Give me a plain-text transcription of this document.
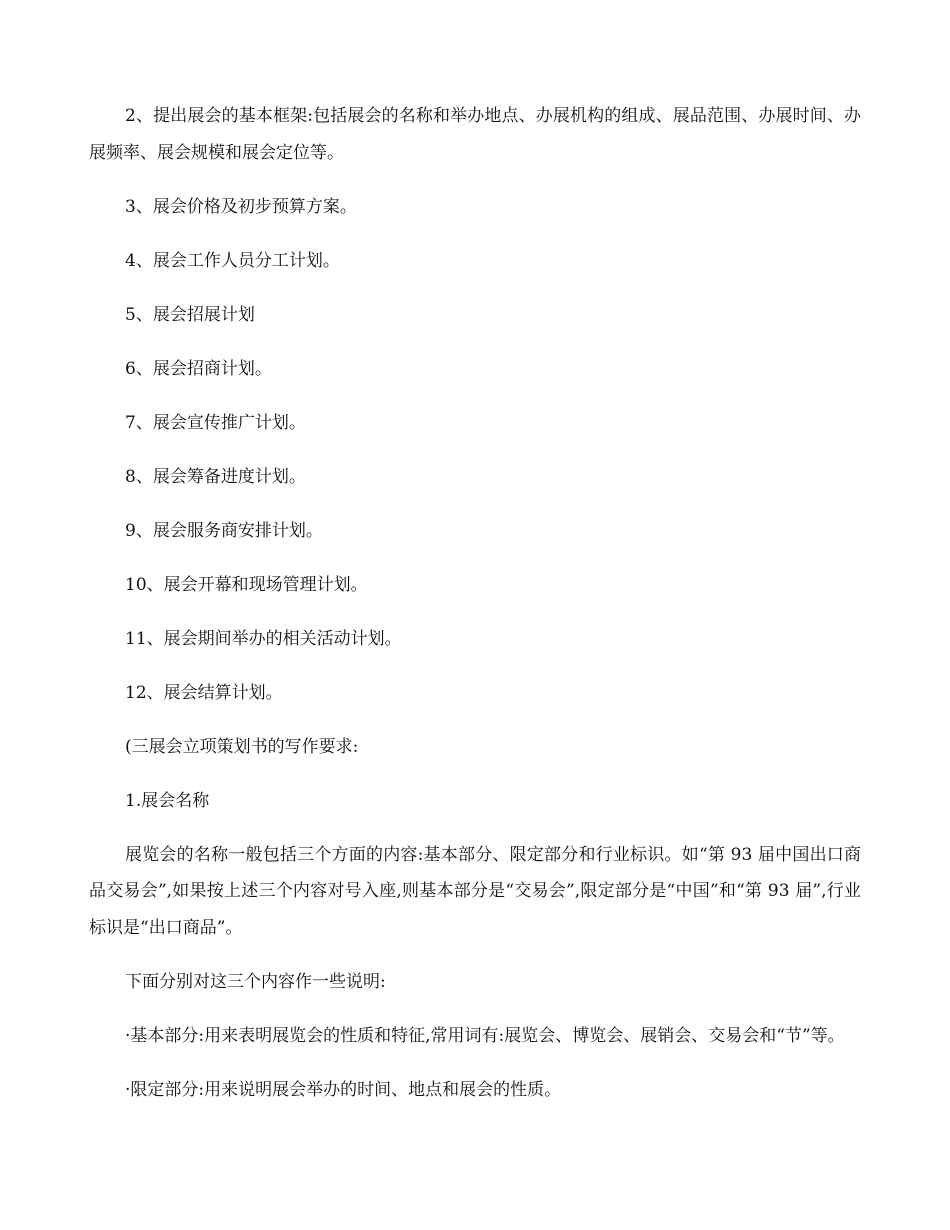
2、提出展会的基本框架:包括展会的名称和举办地点、办展机构的组成、展品范围、办展时间、办展频率、展会规模和展会定位等。

3、展会价格及初步预算方案。

4、展会工作人员分工计划。

5、展会招展计划

6、展会招商计划。

7、展会宣传推广计划。

8、展会筹备进度计划。

9、展会服务商安排计划。

10、展会开幕和现场管理计划。

11、展会期间举办的相关活动计划。

12、展会结算计划。

(三展会立项策划书的写作要求:

1.展会名称

展览会的名称一般包括三个方面的内容:基本部分、限定部分和行业标识。如“第 93 届中国出口商品交易会”,如果按上述三个内容对号入座,则基本部分是“交易会”,限定部分是“中国”和“第 93 届”,行业标识是“出口商品”。

下面分别对这三个内容作一些说明:

·基本部分:用来表明展览会的性质和特征,常用词有:展览会、博览会、展销会、交易会和“节”等。

·限定部分:用来说明展会举办的时间、地点和展会的性质。
